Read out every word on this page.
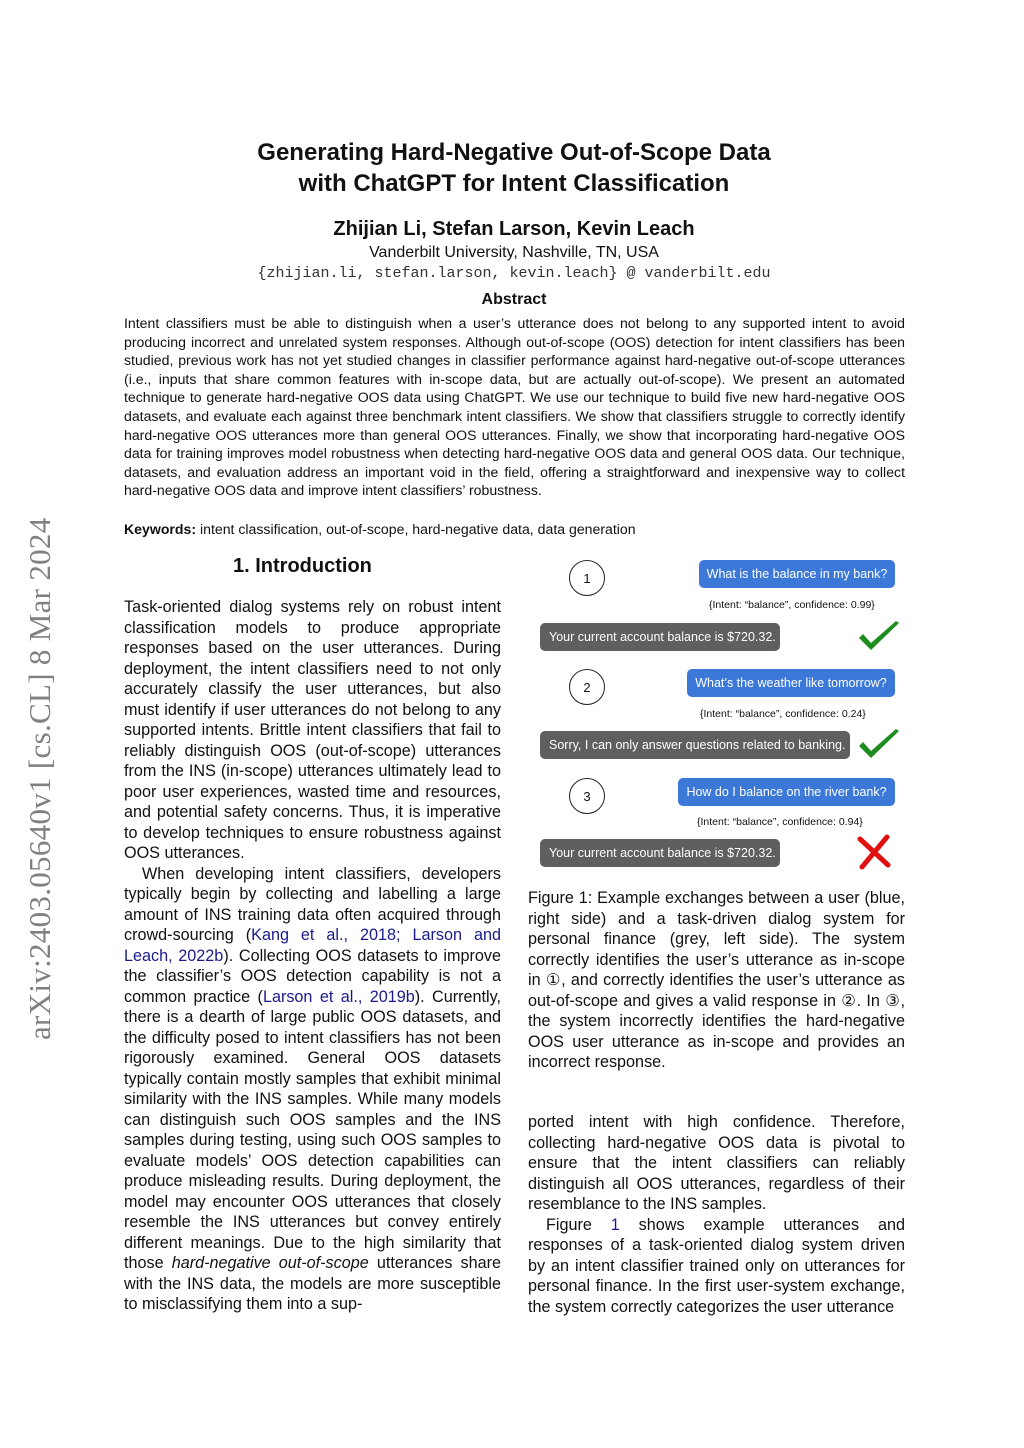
arXiv:2403.05640v1 [cs.CL] 8 Mar 2024
Generating Hard-Negative Out-of-Scope Data
with ChatGPT for Intent Classification
Zhijian Li, Stefan Larson, Kevin Leach
Vanderbilt University, Nashville, TN, USA
{zhijian.li, stefan.larson, kevin.leach} @ vanderbilt.edu
Abstract

Intent classifiers must be able to distinguish when a user’s utterance does not belong to any supported intent to avoid producing incorrect and unrelated system responses. Although out-of-scope (OOS) detection for intent classifiers has been studied, previous work has not yet studied changes in classifier performance against hard-negative out-of-scope utterances (i.e., inputs that share common features with in-scope data, but are actually out-of-scope). We present an automated technique to generate hard-negative OOS data using ChatGPT. We use our technique to build five new hard-negative OOS datasets, and evaluate each against three benchmark intent classifiers. We show that classifiers struggle to correctly identify hard-negative OOS utterances more than general OOS utterances. Finally, we show that incorporating hard-negative OOS data for training improves model robustness when detecting hard-negative OOS data and general OOS data. Our technique, datasets, and evaluation address an important void in the field, offering a straightforward and inexpensive way to collect hard-negative OOS data and improve intent classifiers’ robustness.

Keywords: intent classification, out-of-scope, hard-negative data, data generation

1. Introduction

Task-oriented dialog systems rely on robust intent classification models to produce appropriate responses based on the user utterances. During deployment, the intent classifiers need to not only accurately classify the user utterances, but also must identify if user utterances do not belong to any supported intents. Brittle intent classifiers that fail to reliably distinguish OOS (out-of-scope) utterances from the INS (in-scope) utterances ultimately lead to poor user experiences, wasted time and resources, and potential safety concerns. Thus, it is imperative to develop techniques to ensure robustness against OOS utterances.

When developing intent classifiers, developers typically begin by collecting and labelling a large amount of INS training data often acquired through crowd-sourcing (Kang et al., 2018; Larson and Leach, 2022b). Collecting OOS datasets to improve the classifier’s OOS detection capability is not a common practice (Larson et al., 2019b). Currently, there is a dearth of large public OOS datasets, and the difficulty posed to intent classifiers has not been rigorously examined. General OOS datasets typically contain mostly samples that exhibit minimal similarity with the INS samples. While many models can distinguish such OOS samples and the INS samples during testing, using such OOS samples to evaluate models’ OOS detection capabilities can produce misleading results. During deployment, the model may encounter OOS utterances that closely resemble the INS utterances but convey entirely different meanings. Due to the high similarity that those hard-negative out-of-scope utterances share with the INS data, the models are more susceptible to misclassifying them into a sup-

1	What is the balance in my bank?
{Intent: “balance”, confidence: 0.99}
Your current account balance is $720.32.
2	What’s the weather like tomorrow?
{Intent: “balance”, confidence: 0.24}
Sorry, I can only answer questions related to banking.
3	How do I balance on the river bank?
{Intent: “balance”, confidence: 0.94}
Your current account balance is $720.32.

Figure 1: Example exchanges between a user (blue, right side) and a task-driven dialog system for personal finance (grey, left side). The system correctly identifies the user’s utterance as in-scope in ①, and correctly identifies the user’s utterance as out-of-scope and gives a valid response in ②. In ③, the system incorrectly identifies the hard-negative OOS user utterance as in-scope and provides an incorrect response.

ported intent with high confidence. Therefore, collecting hard-negative OOS data is pivotal to ensure that the intent classifiers can reliably distinguish all OOS utterances, regardless of their resemblance to the INS samples.

Figure 1 shows example utterances and responses of a task-oriented dialog system driven by an intent classifier trained only on utterances for personal finance. In the first user-system exchange, the system correctly categorizes the user utterance
